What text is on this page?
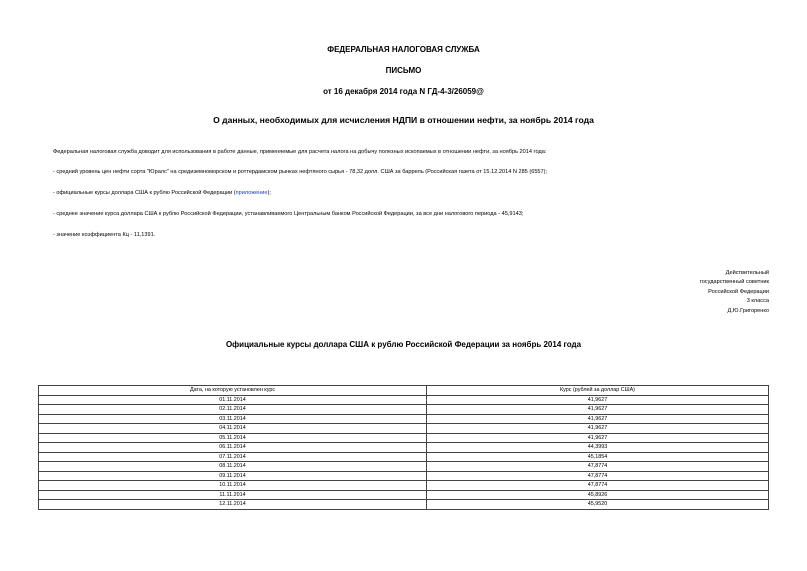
ФЕДЕРАЛЬНАЯ НАЛОГОВАЯ СЛУЖБА
ПИСЬМО
от 16 декабря 2014 года N ГД-4-3/26059@
О данных, необходимых для исчисления НДПИ в отношении нефти, за ноябрь 2014 года
Федеральная налоговая служба доводит для использования в работе данные, применяемые для расчета налога на добычу полезных ископаемых в отношении нефти, за ноябрь 2014 года:
- средний уровень цен нефти сорта "Юралс" на средиземноморском и роттердамском рынках нефтяного сырья - 78,32 долл. США за баррель (Российская газета от 15.12.2014 N 285 (6557);
- официальные курсы доллара США к рублю Российской Федерации (приложение);
- среднее значение курса доллара США к рублю Российской Федерации, устанавливаемого Центральным банком Российской Федерации, за все дни налогового периода - 45,9143;
- значение коэффициента Кц - 11,1391.
Действительный
государственный советник
Российской Федерации
3 класса
Д.Ю.Григоренко
Официальные курсы доллара США к рублю Российской Федерации за ноябрь 2014 года
Дата, на которую установлен курс	Курс (рублей за доллар США)
01.11.2014	41,9627
02.11.2014	41,9627
03.11.2014	41,9627
04.11.2014	41,9627
05.11.2014	41,9627
06.11.2014	44,3993
07.11.2014	45,1854
08.11.2014	47,8774
09.11.2014	47,8774
10.11.2014	47,8774
11.11.2014	45,8926
12.11.2014	45,9520
